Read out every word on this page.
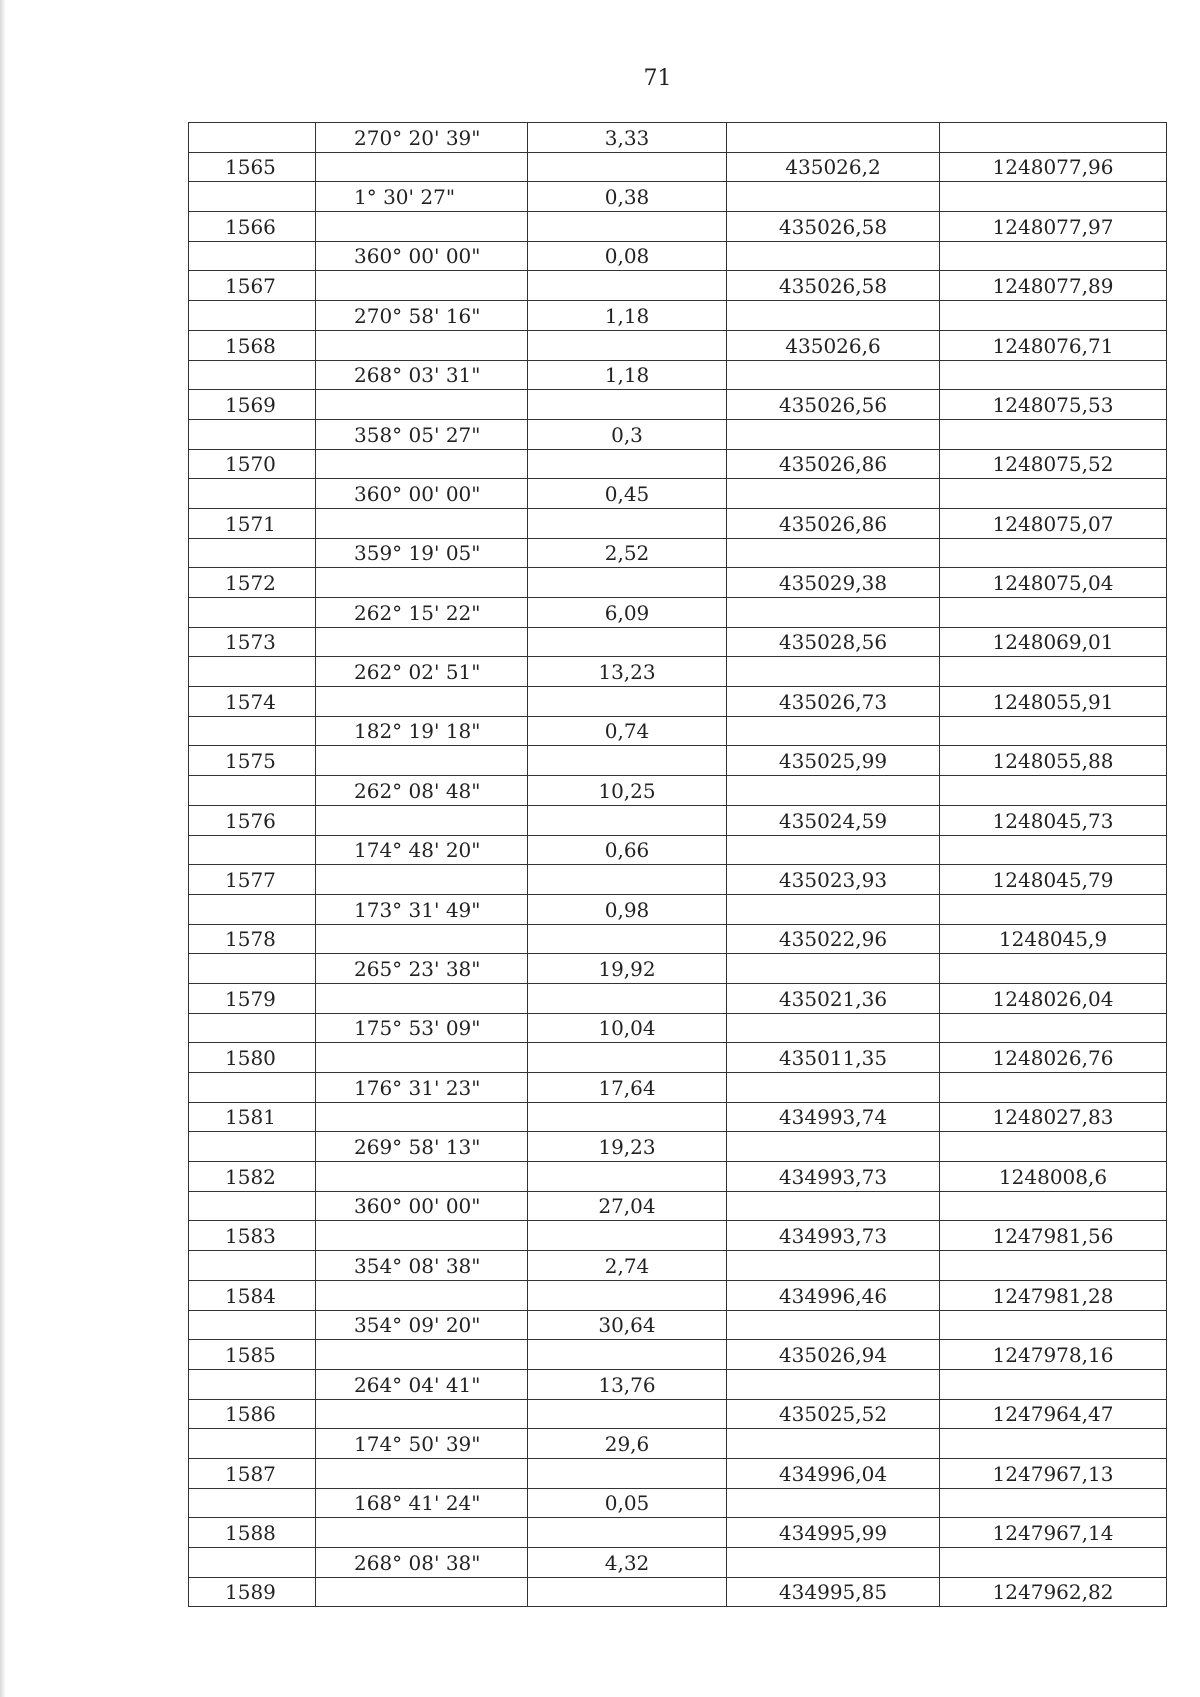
71
	270° 20' 39"	3,33		
1565			435026,2	1248077,96
	1° 30' 27"	0,38		
1566			435026,58	1248077,97
	360° 00' 00"	0,08		
1567			435026,58	1248077,89
	270° 58' 16"	1,18		
1568			435026,6	1248076,71
	268° 03' 31"	1,18		
1569			435026,56	1248075,53
	358° 05' 27"	0,3		
1570			435026,86	1248075,52
	360° 00' 00"	0,45		
1571			435026,86	1248075,07
	359° 19' 05"	2,52		
1572			435029,38	1248075,04
	262° 15' 22"	6,09		
1573			435028,56	1248069,01
	262° 02' 51"	13,23		
1574			435026,73	1248055,91
	182° 19' 18"	0,74		
1575			435025,99	1248055,88
	262° 08' 48"	10,25		
1576			435024,59	1248045,73
	174° 48' 20"	0,66		
1577			435023,93	1248045,79
	173° 31' 49"	0,98		
1578			435022,96	1248045,9
	265° 23' 38"	19,92		
1579			435021,36	1248026,04
	175° 53' 09"	10,04		
1580			435011,35	1248026,76
	176° 31' 23"	17,64		
1581			434993,74	1248027,83
	269° 58' 13"	19,23		
1582			434993,73	1248008,6
	360° 00' 00"	27,04		
1583			434993,73	1247981,56
	354° 08' 38"	2,74		
1584			434996,46	1247981,28
	354° 09' 20"	30,64		
1585			435026,94	1247978,16
	264° 04' 41"	13,76		
1586			435025,52	1247964,47
	174° 50' 39"	29,6		
1587			434996,04	1247967,13
	168° 41' 24"	0,05		
1588			434995,99	1247967,14
	268° 08' 38"	4,32		
1589			434995,85	1247962,82
